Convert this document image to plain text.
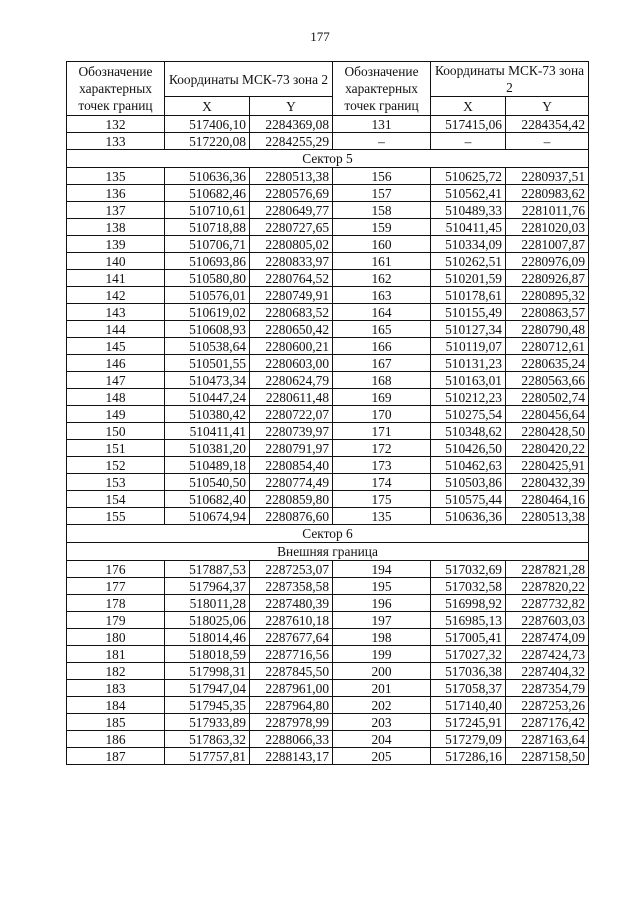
177
Обозначение характерных точек границ	Координаты МСК-73 зона 2		Обозначение характерных точек границ	Координаты МСК-73 зона 2	
	X	Y		X	Y
132	517406,10	2284369,08	131	517415,06	2284354,42
133	517220,08	2284255,29	–	–	–
Сектор 5					
135	510636,36	2280513,38	156	510625,72	2280937,51
136	510682,46	2280576,69	157	510562,41	2280983,62
137	510710,61	2280649,77	158	510489,33	2281011,76
138	510718,88	2280727,65	159	510411,45	2281020,03
139	510706,71	2280805,02	160	510334,09	2281007,87
140	510693,86	2280833,97	161	510262,51	2280976,09
141	510580,80	2280764,52	162	510201,59	2280926,87
142	510576,01	2280749,91	163	510178,61	2280895,32
143	510619,02	2280683,52	164	510155,49	2280863,57
144	510608,93	2280650,42	165	510127,34	2280790,48
145	510538,64	2280600,21	166	510119,07	2280712,61
146	510501,55	2280603,00	167	510131,23	2280635,24
147	510473,34	2280624,79	168	510163,01	2280563,66
148	510447,24	2280611,48	169	510212,23	2280502,74
149	510380,42	2280722,07	170	510275,54	2280456,64
150	510411,41	2280739,97	171	510348,62	2280428,50
151	510381,20	2280791,97	172	510426,50	2280420,22
152	510489,18	2280854,40	173	510462,63	2280425,91
153	510540,50	2280774,49	174	510503,86	2280432,39
154	510682,40	2280859,80	175	510575,44	2280464,16
155	510674,94	2280876,60	135	510636,36	2280513,38
Сектор 6					
Внешняя граница					
176	517887,53	2287253,07	194	517032,69	2287821,28
177	517964,37	2287358,58	195	517032,58	2287820,22
178	518011,28	2287480,39	196	516998,92	2287732,82
179	518025,06	2287610,18	197	516985,13	2287603,03
180	518014,46	2287677,64	198	517005,41	2287474,09
181	518018,59	2287716,56	199	517027,32	2287424,73
182	517998,31	2287845,50	200	517036,38	2287404,32
183	517947,04	2287961,00	201	517058,37	2287354,79
184	517945,35	2287964,80	202	517140,40	2287253,26
185	517933,89	2287978,99	203	517245,91	2287176,42
186	517863,32	2288066,33	204	517279,09	2287163,64
187	517757,81	2288143,17	205	517286,16	2287158,50
